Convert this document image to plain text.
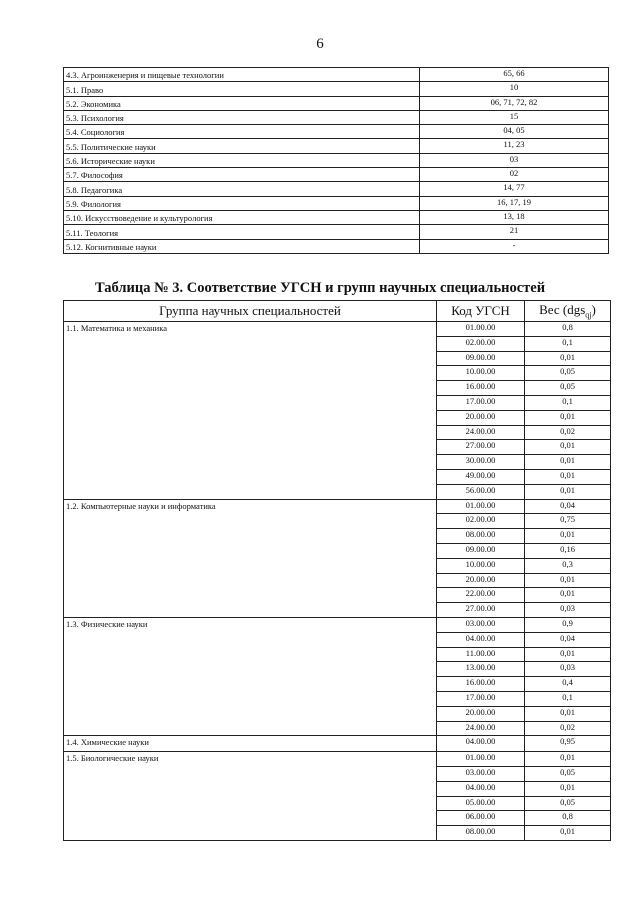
6
4.3. Агроинженерия и пищевые технологии	65, 66
5.1. Право	10
5.2. Экономика	06, 71, 72, 82
5.3. Психология	15
5.4. Социология	04, 05
5.5. Политические науки	11, 23
5.6. Исторические науки	03
5.7. Философия	02
5.8. Педагогика	14, 77
5.9. Филология	16, 17, 19
5.10. Искусствоведение и культурология	13, 18
5.11. Теология	21
5.12. Когнитивные науки	-
Таблица № 3. Соответствие УГСН и групп научных специальностей
Группа научных специальностей	Код УГСН	Вес (dgs$_{qj}$)
1.1. Математика и механика	01.00.00	0,8
	02.00.00	0,1
	09.00.00	0,01
	10.00.00	0,05
	16.00.00	0,05
	17.00.00	0,1
	20.00.00	0,01
	24.00.00	0,02
	27.00.00	0,01
	30.00.00	0,01
	49.00.00	0,01
	56.00.00	0,01
1.2. Компьютерные науки и информатика	01.00.00	0,04
	02.00.00	0,75
	08.00.00	0,01
	09.00.00	0,16
	10.00.00	0,3
	20.00.00	0,01
	22.00.00	0,01
	27.00.00	0,03
1.3. Физические науки	03.00.00	0,9
	04.00.00	0,04
	11.00.00	0,01
	13.00.00	0,03
	16.00.00	0,4
	17.00.00	0,1
	20.00.00	0,01
	24.00.00	0,02
1.4. Химические науки	04.00.00	0,95
1.5. Биологические науки	01.00.00	0,01
	03.00.00	0,05
	04.00.00	0,01
	05.00.00	0,05
	06.00.00	0,8
	08.00.00	0,01
